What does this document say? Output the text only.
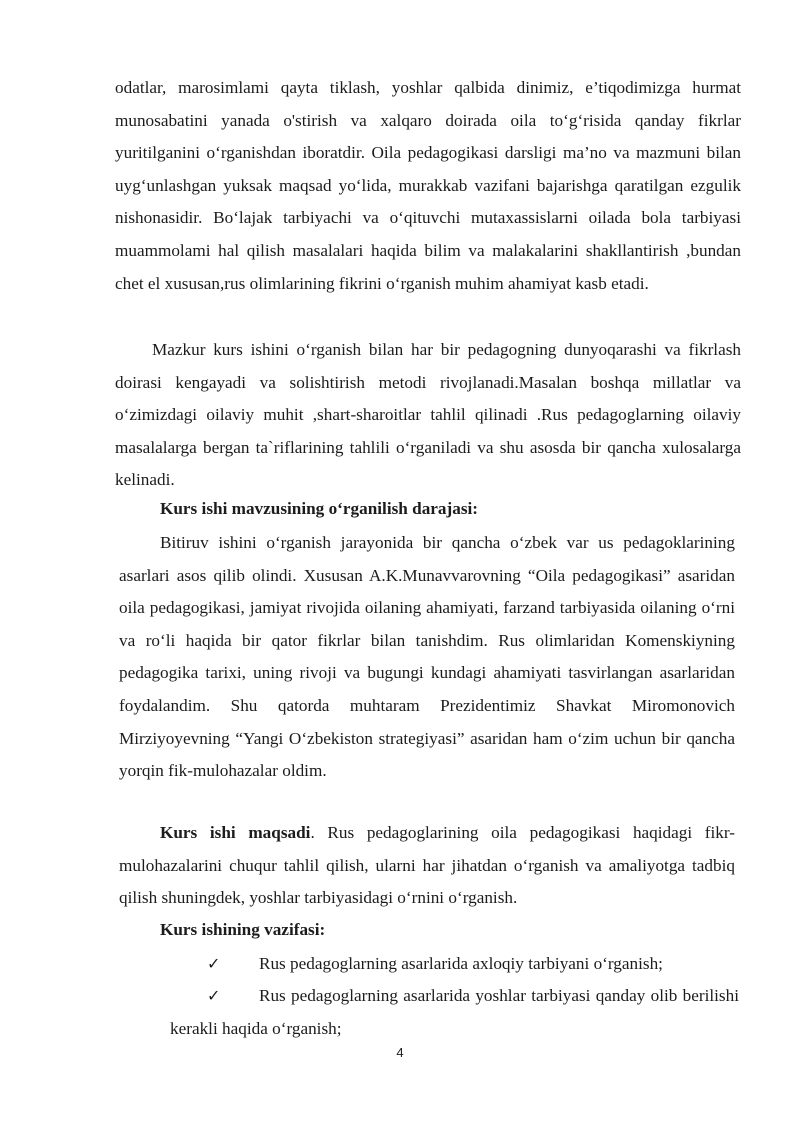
odatlar, marosimlami qayta tiklash, yoshlar qalbida dinimiz, e’tiqodimizga hurmat munosabatini yanada o'stirish va xalqaro doirada oila to‘g‘risida qanday fikrlar yuritilganini o‘rganishdan iboratdir. Oila pedagogikasi darsligi ma’no va mazmuni bilan uyg‘unlashgan yuksak maqsad yo‘lida, murakkab vazifani bajarishga qaratilgan ezgulik nishonasidir. Bo‘lajak tarbiyachi va o‘qituvchi mutaxassislarni oilada bola tarbiyasi muammolami hal qilish masalalari haqida bilim va malakalarini shakllantirish ,bundan chet el xususan,rus olimlarining fikrini o‘rganish muhim ahamiyat kasb etadi.

Mazkur kurs ishini o‘rganish bilan har bir pedagogning dunyoqarashi va fikrlash doirasi kengayadi va solishtirish metodi rivojlanadi.Masalan boshqa millatlar va o‘zimizdagi oilaviy muhit ,shart-sharoitlar tahlil qilinadi .Rus pedagoglarning oilaviy masalalarga bergan ta`riflarining tahlili o‘rganiladi va shu asosda bir qancha xulosalarga kelinadi.

Kurs ishi mavzusining o‘rganilish darajasi:

Bitiruv ishini o‘rganish jarayonida bir qancha o‘zbek var us pedagoklarining asarlari asos qilib olindi. Xususan A.K.Munavvarovning “Oila pedagogikasi” asaridan oila pedagogikasi, jamiyat rivojida oilaning ahamiyati, farzand tarbiyasida oilaning o‘rni va ro‘li haqida bir qator fikrlar bilan tanishdim. Rus olimlaridan Komenskiyning pedagogika tarixi, uning rivoji va bugungi kundagi ahamiyati tasvirlangan asarlaridan foydalandim. Shu qatorda muhtaram Prezidentimiz Shavkat Miromonovich Mirziyoyevning “Yangi O‘zbekiston strategiyasi” asaridan ham o‘zim uchun bir qancha yorqin fik-mulohazalar oldim.

Kurs ishi maqsadi. Rus pedagoglarining oila pedagogikasi haqidagi fikr-mulohazalarini chuqur tahlil qilish, ularni har jihatdan o‘rganish va amaliyotga tadbiq qilish shuningdek, yoshlar tarbiyasidagi o‘rnini o‘rganish.

Kurs ishining vazifasi:

✓ Rus pedagoglarning asarlarida axloqiy tarbiyani o‘rganish;

✓	Rus pedagoglarning asarlarida yoshlar tarbiyasi qanday olib berilishi kerakli haqida o‘rganish;

4
